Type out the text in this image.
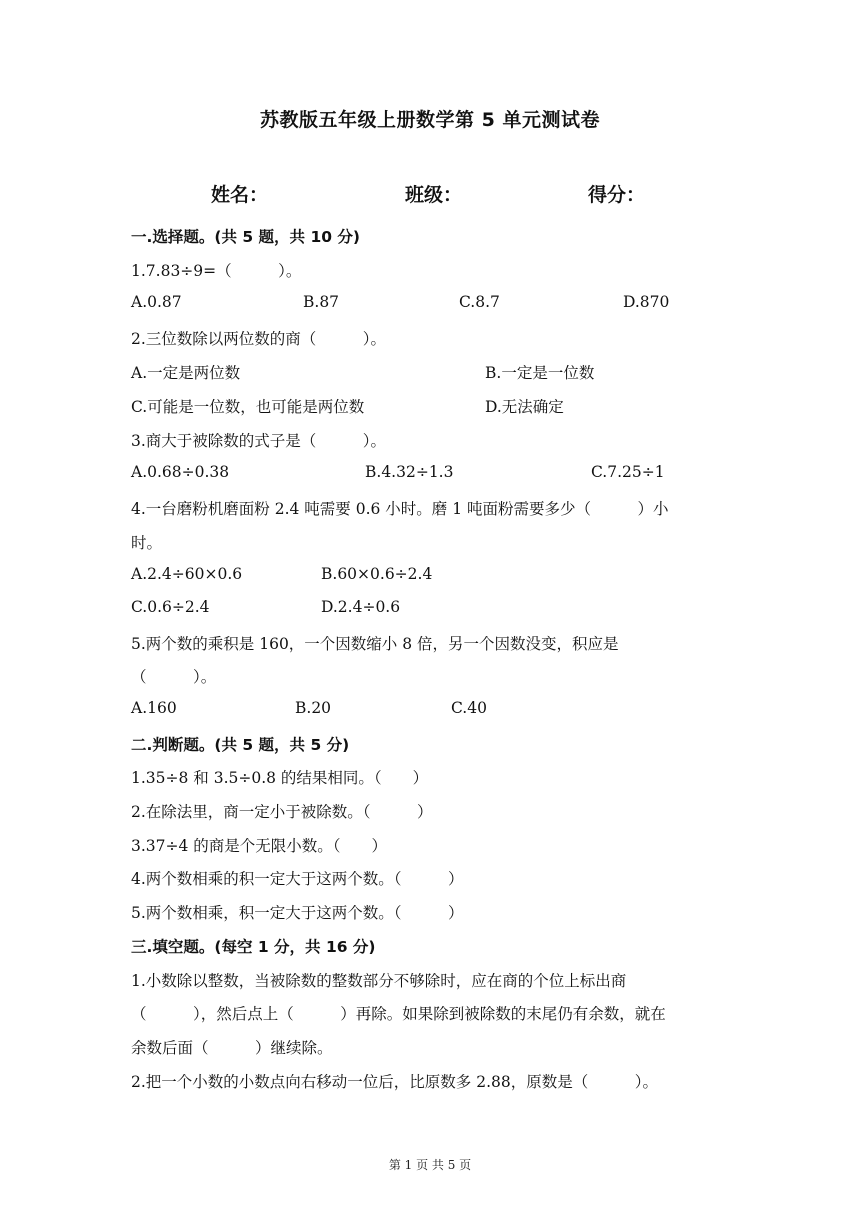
苏教版五年级上册数学第 5 单元测试卷
姓名：	班级：	得分：
一.选择题。(共 5 题，共 10 分)
1.7.83÷9=（　　　）。
A.0.87	B.87	C.8.7	D.870
2.三位数除以两位数的商（　　　）。
A.一定是两位数	B.一定是一位数
C.可能是一位数，也可能是两位数	D.无法确定
3.商大于被除数的式子是（　　　）。
A.0.68÷0.38	B.4.32÷1.3	C.7.25÷1
4.一台磨粉机磨面粉 2.4 吨需要 0.6 小时。磨 1 吨面粉需要多少（　　　）小
时。
A.2.4÷60×0.6	B.60×0.6÷2.4
C.0.6÷2.4	D.2.4÷0.6
5.两个数的乘积是 160，一个因数缩小 8 倍，另一个因数没变，积应是
（　　　）。
A.160	B.20	C.40
二.判断题。(共 5 题，共 5 分)
1.35÷8 和 3.5÷0.8 的结果相同。（　　）
2.在除法里，商一定小于被除数。（　　　）
3.37÷4 的商是个无限小数。（　　）
4.两个数相乘的积一定大于这两个数。（　　　）
5.两个数相乘，积一定大于这两个数。（　　　）
三.填空题。(每空 1 分，共 16 分)
1.小数除以整数，当被除数的整数部分不够除时，应在商的个位上标出商
（　　　），然后点上（　　　）再除。如果除到被除数的末尾仍有余数，就在
余数后面（　　　）继续除。
2.把一个小数的小数点向右移动一位后，比原数多 2.88，原数是（　　　）。
第 1 页 共 5 页
